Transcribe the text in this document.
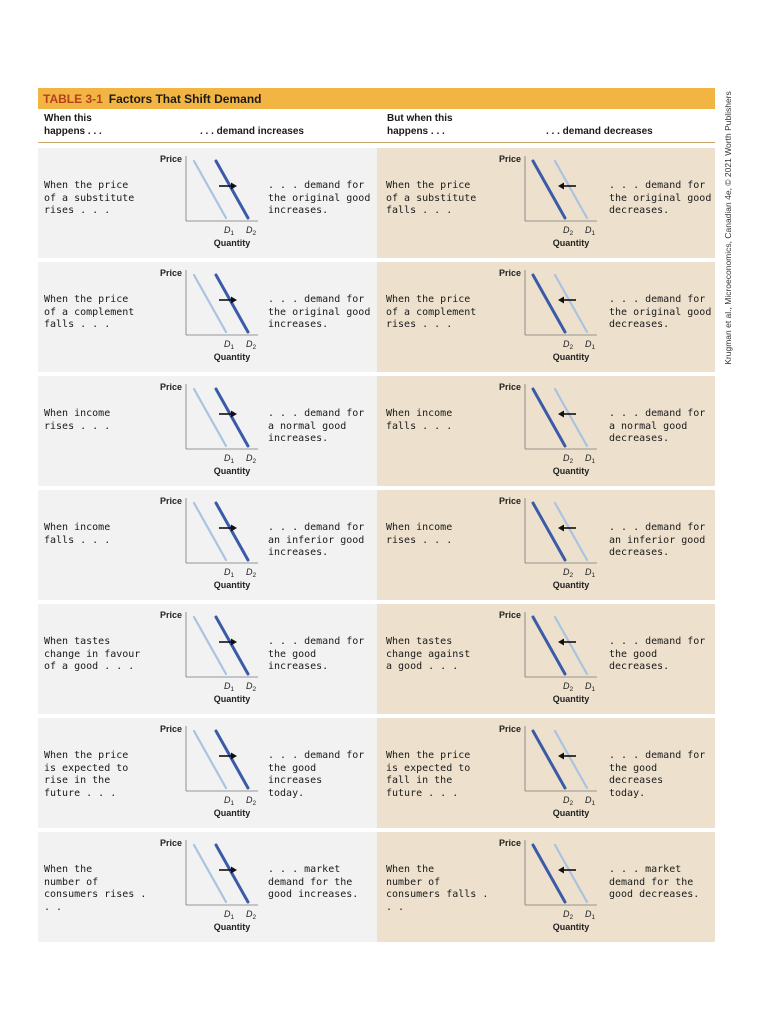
TABLE 3-1 Factors That Shift Demand
When this
happens . . .	. . . demand increases
But when this
happens . . .	. . . demand decreases
When the price
of a substitute
rises . . .
Price
$D_1$ $D_2$
Quantity
. . . demand for
the original good
increases.
When the price
of a substitute
falls . . .
Price
$D_2$ $D_1$
Quantity
. . . demand for
the original good
decreases.
When the price
of a complement
falls . . .
Price
$D_1$ $D_2$
Quantity
. . . demand for
the original good
increases.
When the price
of a complement
rises . . .
Price
$D_2$ $D_1$
Quantity
. . . demand for
the original good
decreases.
When income
rises . . .
Price
$D_1$ $D_2$
Quantity
. . . demand for
a normal good
increases.
When income
falls . . .
Price
$D_2$ $D_1$
Quantity
. . . demand for
a normal good
decreases.
When income
falls . . .
Price
$D_1$ $D_2$
Quantity
. . . demand for
an inferior good
increases.
When income
rises . . .
Price
$D_2$ $D_1$
Quantity
. . . demand for
an inferior good
decreases.
When tastes
change in favour
of a good . . .
Price
$D_1$ $D_2$
Quantity
. . . demand for
the good increases.
When tastes
change against
a good . . .
Price
$D_2$ $D_1$
Quantity
. . . demand for
the good decreases.
When the price
is expected to
rise in the
future . . .
Price
$D_1$ $D_2$
Quantity
. . . demand for
the good increases
today.
When the price
is expected to
fall in the
future . . .
Price
$D_2$ $D_1$
Quantity
. . . demand for
the good decreases
today.
When the
number of
consumers rises . . .
Price
$D_1$ $D_2$
Quantity
. . . market
demand for the
good increases.
When the
number of
consumers falls . . .
Price
$D_2$ $D_1$
Quantity
. . . market
demand for the
good decreases.
Krugman et al., Microeconomics, Canadian 4e, © 2021 Worth Publishers
